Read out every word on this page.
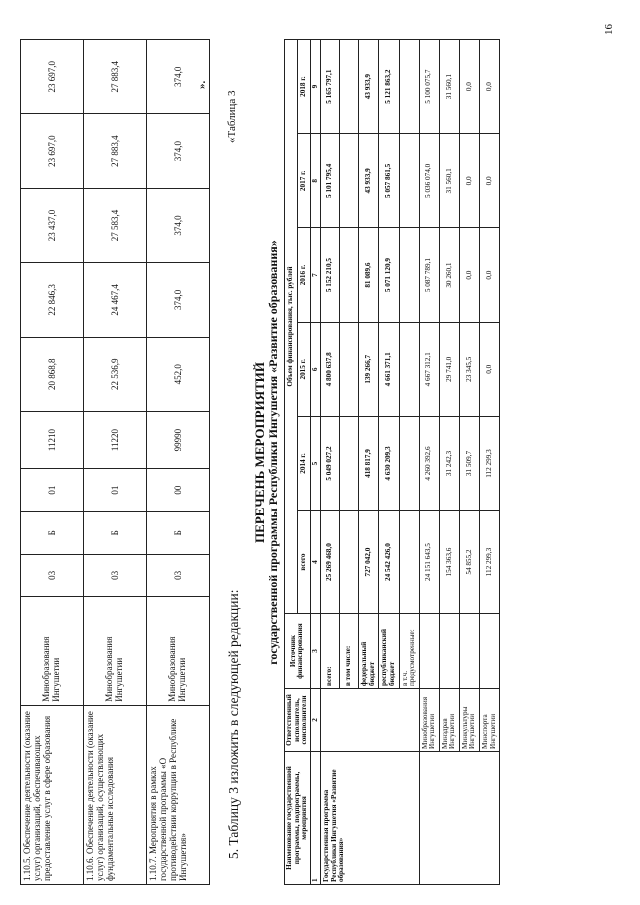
1.10.5. Обеспечение деятельности (оказание услуг) организаций, обеспечивающих предоставление услуг в сфере образования	Минобразования Ингушетии	03	Б	01	11210	20 868,8	22 846,3	23 437,0	23 697,0	23 697,0
1.10.6. Обеспечение деятельности (оказание услуг) организаций, осуществляющих фундаментальные исследования	Минобразования Ингушетии	03	Б	01	11220	22 536,9	24 467,4	27 583,4	27 883,4	27 883,4
1.10.7. Мероприятия в рамках государственной программы «О противодействии коррупции в Республике Ингушетия»	Минобразования Ингушетии	03	Б	00	99990	452,0	374,0	374,0	374,0	374,0 ».
5. Таблицу 3 изложить в следующей редакции:
«Таблица 3
ПЕРЕЧЕНЬ МЕРОПРИЯТИЙ государственной программы Республики Ингушетия «Развитие образования»
Наименование государственной программы, подпрограммы, мероприятия	Ответственный исполнитель, соисполнители	Источник финансирования	Объем финансирования, тыс. рублей					
			всего	2014 г.	2015 г.	2016 г.	2017 г.	2018 г.
1	2	3	4	5	6	7	8	9
Государственная программа Республики Ингушетия «Развитие образования»		всего:	25 269 468,0	5 049 027,2	4 800 637,8	5 152 210,5	5 101 795,4	5 165 797,1
		в том числе:						
		федеральный бюджет	727 042,0	418 817,9	139 266,7	81 089,6	43 933,9	43 933,9
		республиканский бюджет	24 542 426,0	4 630 209,3	4 661 371,1	5 071 120,9	5 057 861,5	5 121 863,2
		в т.ч. предусмотренные:						
	Минобразования Ингушетии		24 151 643,5	4 260 392,6	4 667 312,1	5 087 789,1	5 036 074,0	5 100 075,7
	Минздрав Ингушетии		154 363,6	31 242,3	29 741,0	30 260,1	31 560,1	31 560,1
	Минкультуры Ингушетии		54 855,2	31 509,7	23 345,5	0,0	0,0	0,0
	Минспорта Ингушетии		112 299,3	112 299,3	0,0	0,0	0,0	0,0
16
